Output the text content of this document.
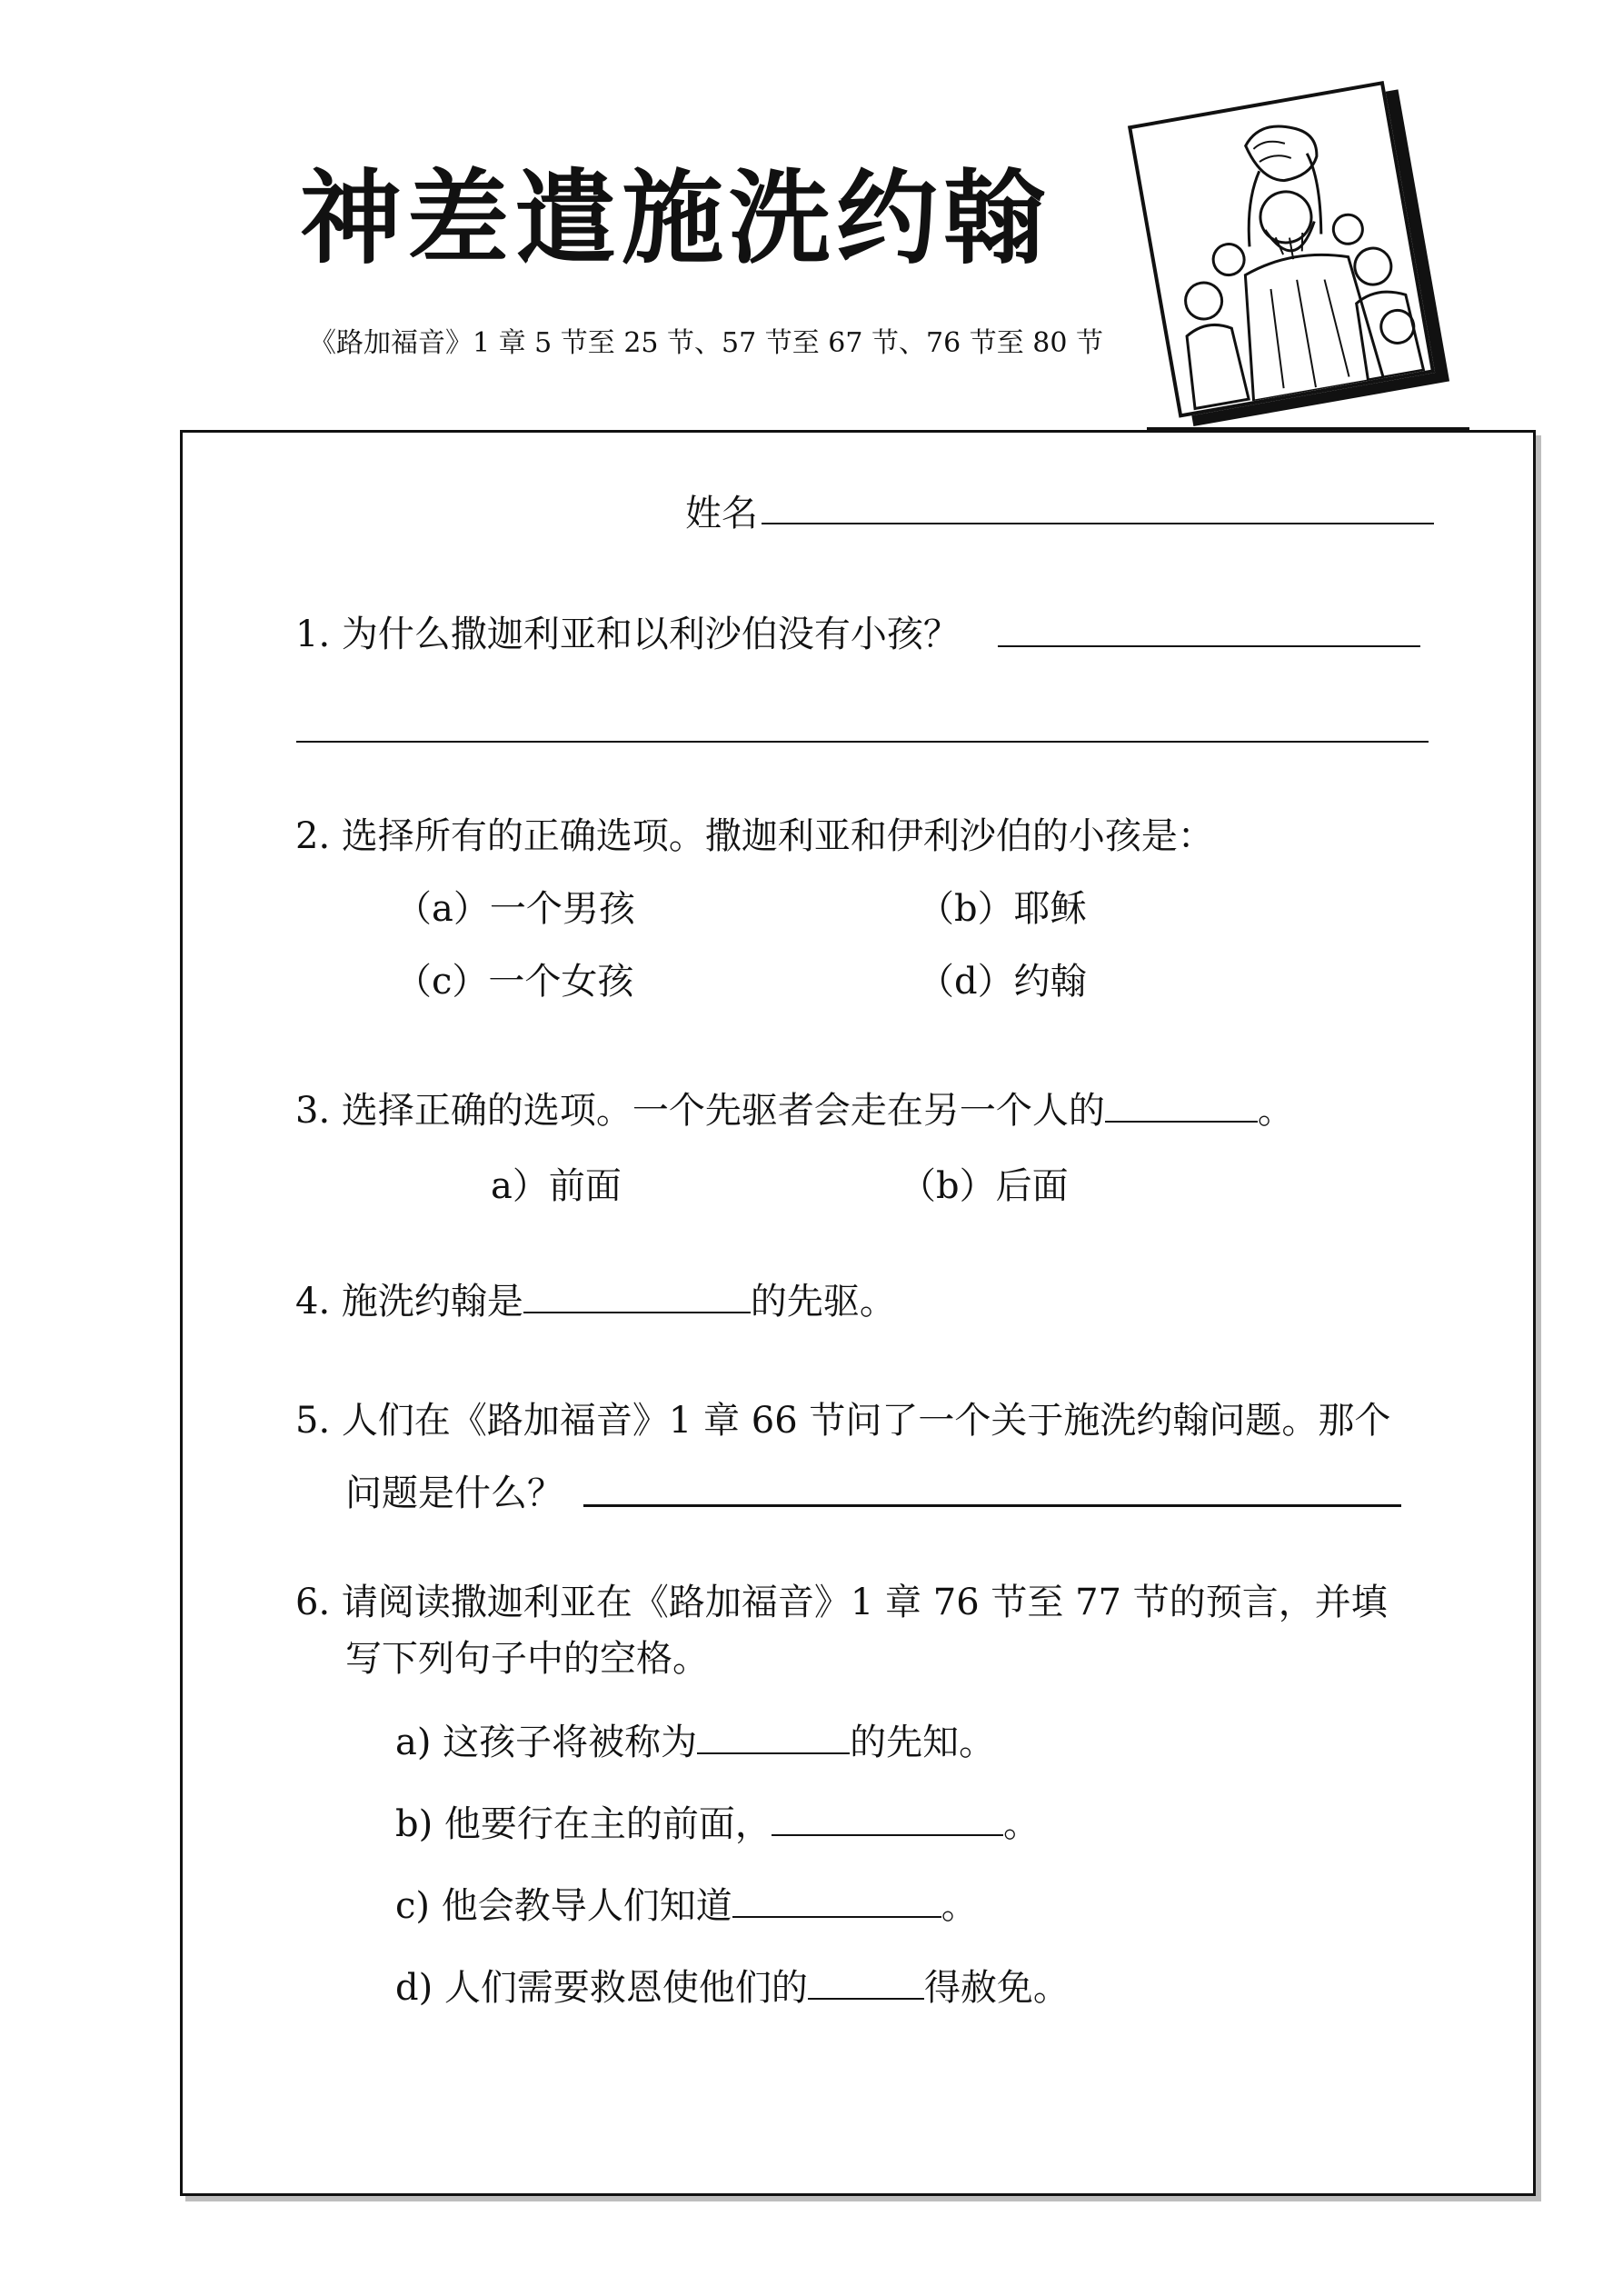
神差遣施洗约翰
《路加福音》1 章 5 节至 25 节、57 节至 67 节、76 节至 80 节
姓名
1. 为什么撒迦利亚和以利沙伯没有小孩？
2. 选择所有的正确选项。撒迦利亚和伊利沙伯的小孩是：
（a）一个男孩	（b）耶稣
（c）一个女孩	（d）约翰
3. 选择正确的选项。一个先驱者会走在另一个人的	。
a）前面	（b）后面
4. 施洗约翰是	的先驱。
5. 人们在《路加福音》1 章 66 节问了一个关于施洗约翰问题。那个
问题是什么？
6. 请阅读撒迦利亚在《路加福音》1 章 76 节至 77 节的预言，并填
写下列句子中的空格。
a) 这孩子将被称为	的先知。
b) 他要行在主的前面，	。
c) 他会教导人们知道	。
d) 人们需要救恩使他们的	得赦免。
